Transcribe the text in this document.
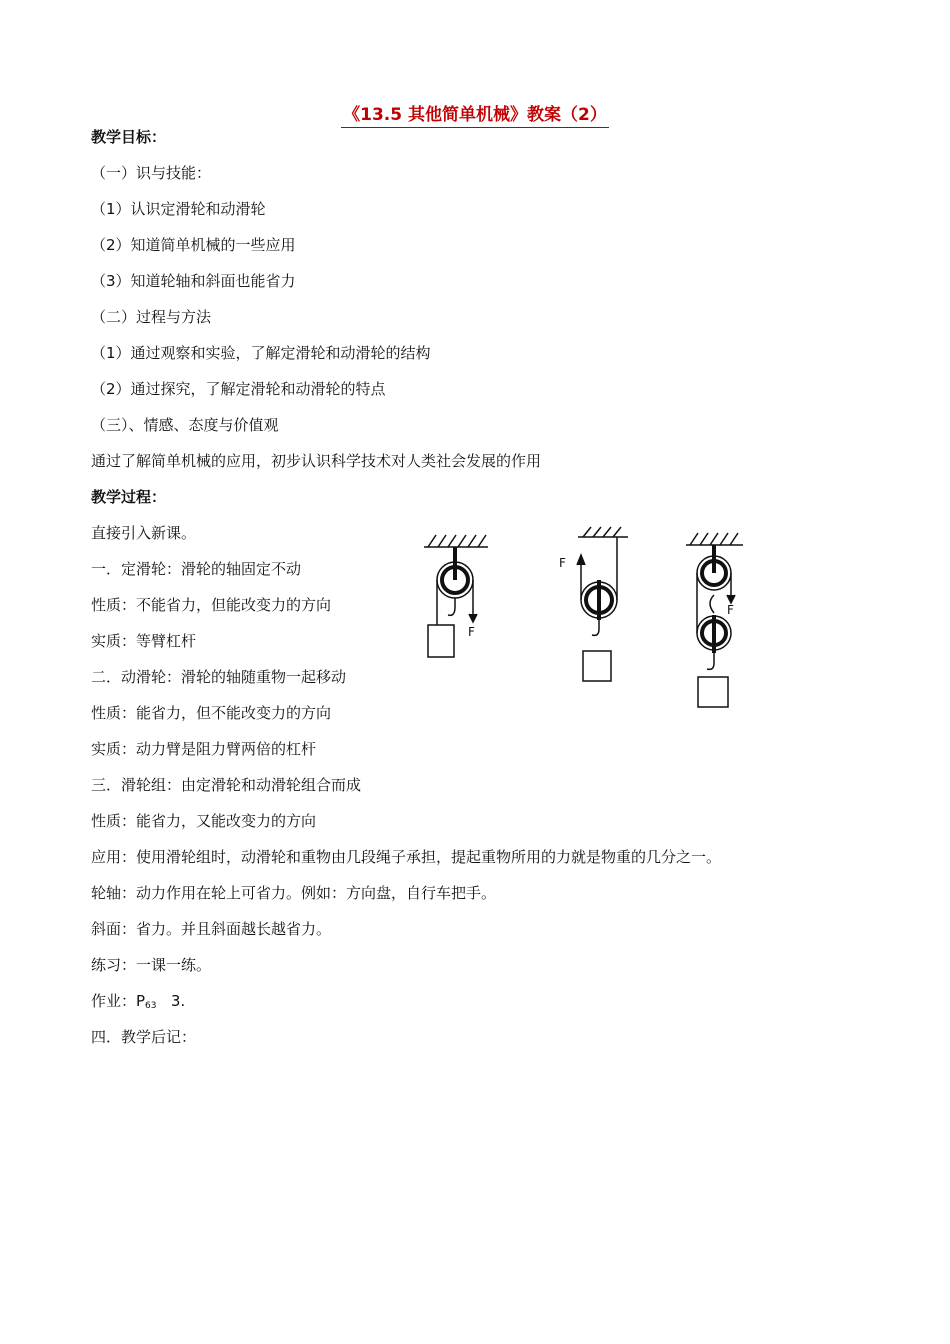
《13.5 其他简单机械》教案（2）
教学目标：
（一）识与技能：
（1）认识定滑轮和动滑轮
（2）知道简单机械的一些应用
（3）知道轮轴和斜面也能省力
（二）过程与方法
（1）通过观察和实验，了解定滑轮和动滑轮的结构
（2）通过探究，了解定滑轮和动滑轮的特点
（三）、情感、态度与价值观
通过了解简单机械的应用，初步认识科学技术对人类社会发展的作用
教学过程：
直接引入新课。
一．定滑轮：滑轮的轴固定不动
性质：不能省力，但能改变力的方向
实质：等臂杠杆
二．动滑轮：滑轮的轴随重物一起移动
性质：能省力，但不能改变力的方向
实质：动力臂是阻力臂两倍的杠杆
三．滑轮组：由定滑轮和动滑轮组合而成
性质：能省力，又能改变力的方向
应用：使用滑轮组时，动滑轮和重物由几段绳子承担，提起重物所用的力就是物重的几分之一。
轮轴：动力作用在轮上可省力。例如：方向盘，自行车把手。
斜面：省力。并且斜面越长越省力。
练习：一课一练。
作业：P63 3.
四．教学后记：
F
F
F
